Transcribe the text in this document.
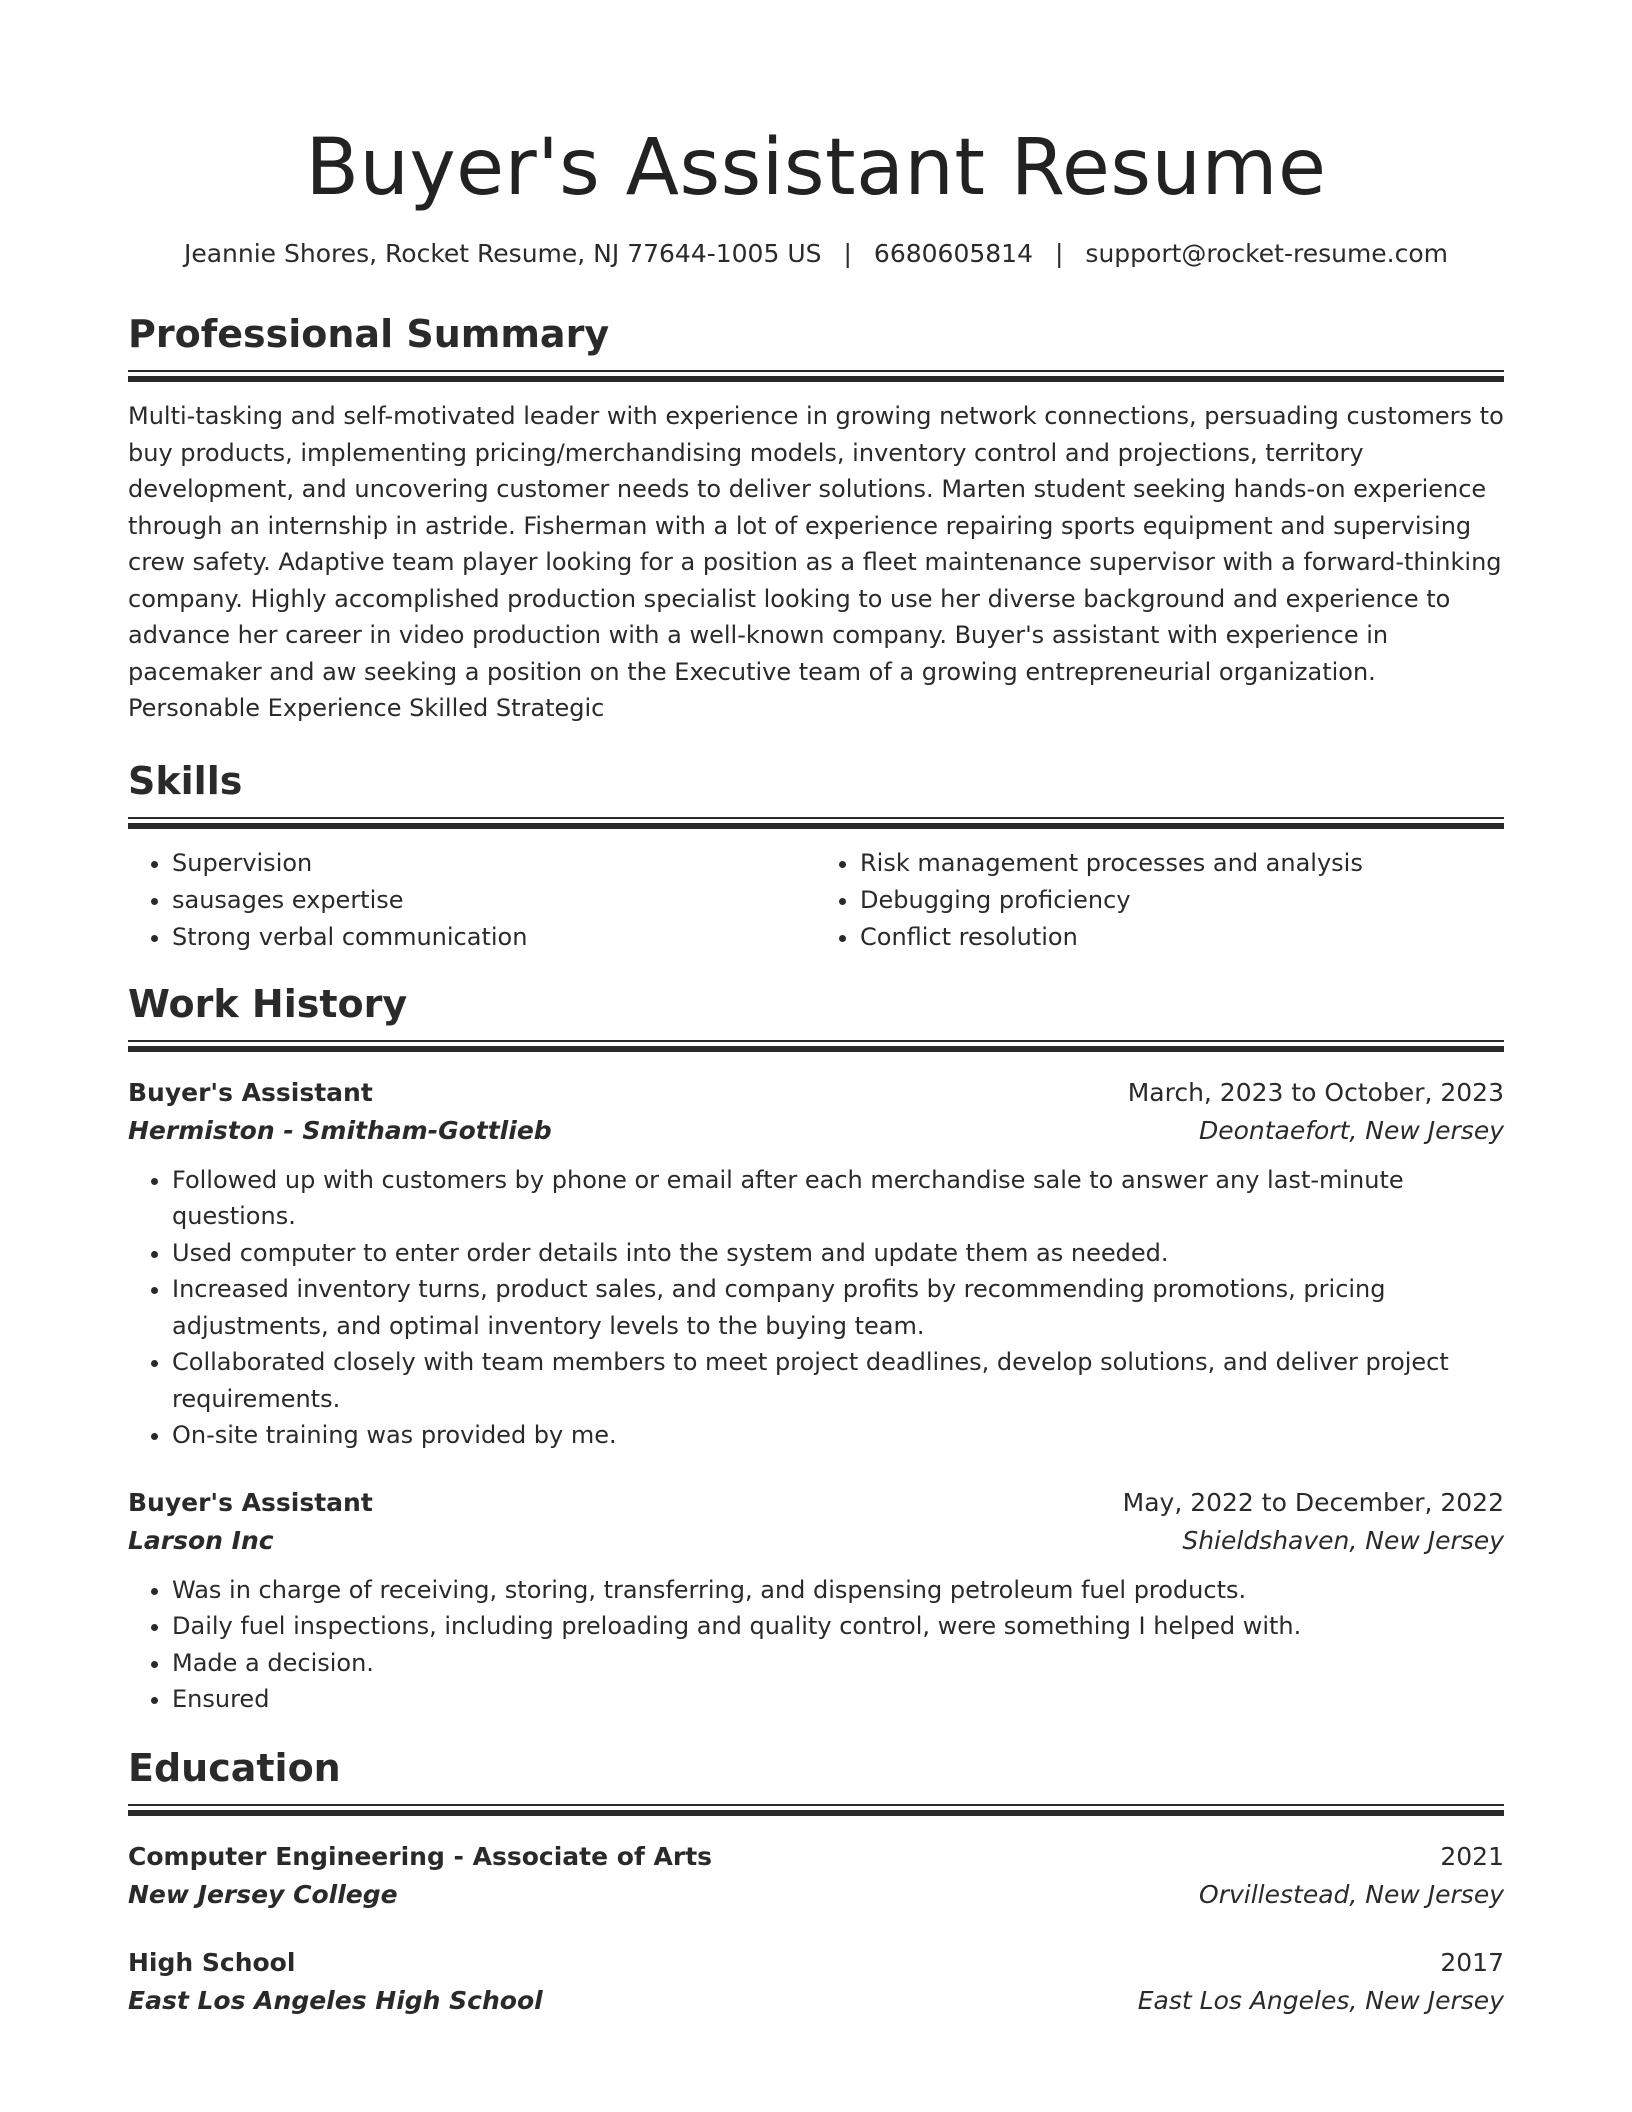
Buyer's Assistant Resume
Jeannie Shores, Rocket Resume, NJ 77644-1005 US | 6680605814 | support@rocket-resume.com
Professional Summary
Multi-tasking and self-motivated leader with experience in growing network connections, persuading customers to buy products, implementing pricing/merchandising models, inventory control and projections, territory development, and uncovering customer needs to deliver solutions. Marten student seeking hands-on experience through an internship in astride. Fisherman with a lot of experience repairing sports equipment and supervising crew safety. Adaptive team player looking for a position as a fleet maintenance supervisor with a forward-thinking company. Highly accomplished production specialist looking to use her diverse background and experience to advance her career in video production with a well-known company. Buyer's assistant with experience in pacemaker and aw seeking a position on the Executive team of a growing entrepreneurial organization. Personable Experience Skilled Strategic
Skills
• Supervision
• sausages expertise
• Strong verbal communication
• Risk management processes and analysis
• Debugging proficiency
• Conflict resolution
Work History
Buyer's Assistant	March, 2023 to October, 2023
Hermiston - Smitham-Gottlieb	Deontaefort, New Jersey
• Followed up with customers by phone or email after each merchandise sale to answer any last-minute questions.
• Used computer to enter order details into the system and update them as needed.
• Increased inventory turns, product sales, and company profits by recommending promotions, pricing adjustments, and optimal inventory levels to the buying team.
• Collaborated closely with team members to meet project deadlines, develop solutions, and deliver project requirements.
• On-site training was provided by me.
Buyer's Assistant	May, 2022 to December, 2022
Larson Inc	Shieldshaven, New Jersey
• Was in charge of receiving, storing, transferring, and dispensing petroleum fuel products.
• Daily fuel inspections, including preloading and quality control, were something I helped with.
• Made a decision.
• Ensured
Education
Computer Engineering - Associate of Arts	2021
New Jersey College	Orvillestead, New Jersey
High School	2017
East Los Angeles High School	East Los Angeles, New Jersey
